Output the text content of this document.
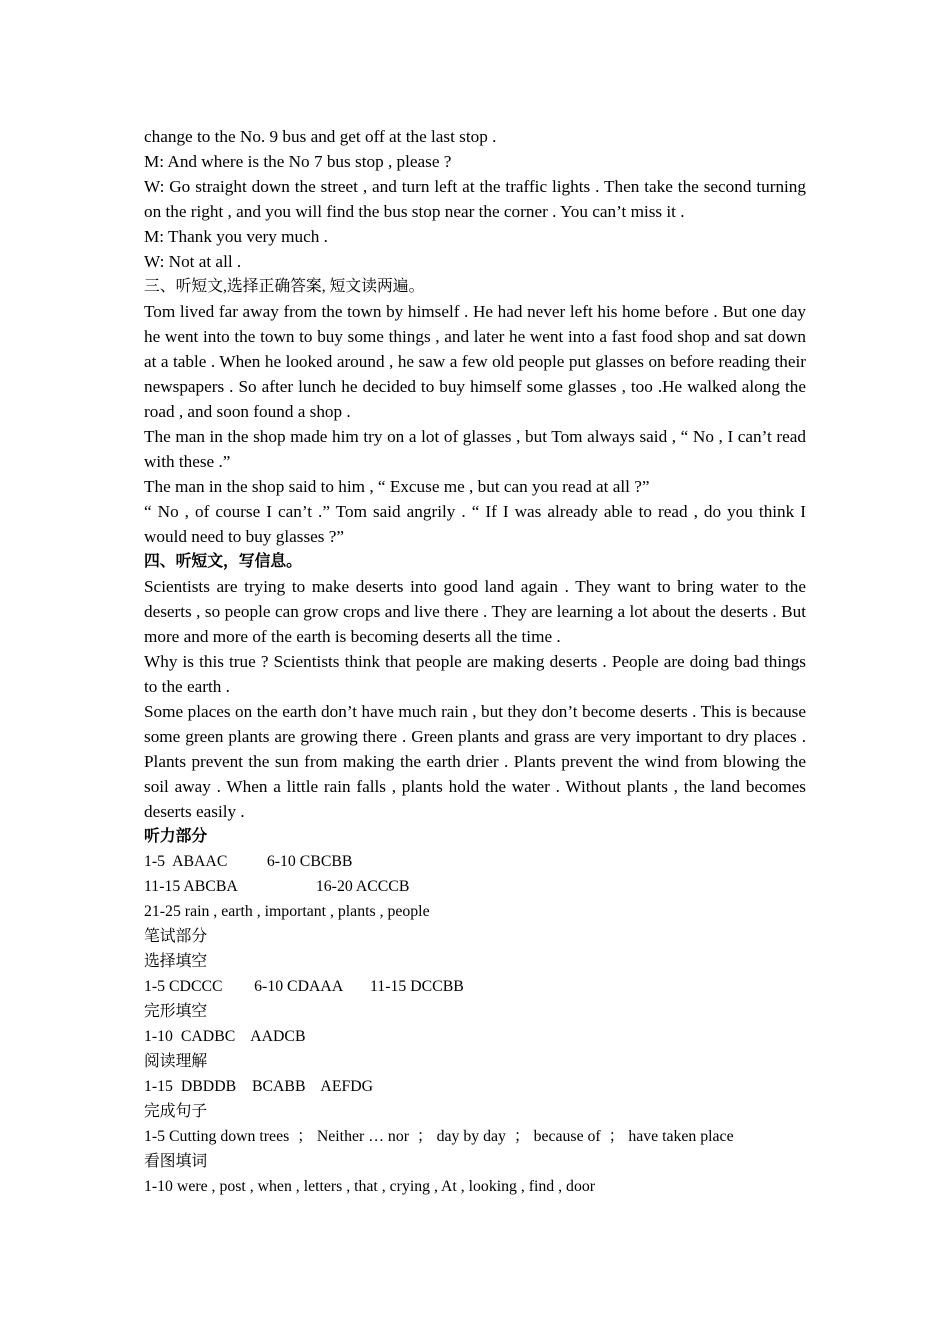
change to the No. 9 bus and get off at the last stop .

M: And where is the No 7 bus stop , please ?

W: Go straight down the street , and turn left at the traffic lights . Then take the second turning on the right , and you will find the bus stop near the corner . You can’t miss it .

M: Thank you very much .

W: Not at all .

三、听短文,选择正确答案, 短文读两遍。

Tom lived far away from the town by himself . He had never left his home before . But one day he went into the town to buy some things , and later he went into a fast food shop and sat down at a table . When he looked around , he saw a few old people put glasses on before reading their newspapers . So after lunch he decided to buy himself some glasses , too .He walked along the road , and soon found a shop .

The man in the shop made him try on a lot of glasses , but Tom always said , “ No , I can’t read with these .”

The man in the shop said to him , “ Excuse me , but can you read at all ?”

“ No , of course I can’t .” Tom said angrily . “ If I was already able to read , do you think I would need to buy glasses ?”

四、听短文，写信息。

Scientists are trying to make deserts into good land again . They want to bring water to the deserts , so people can grow crops and live there . They are learning a lot about the deserts . But more and more of the earth is becoming deserts all the time .

Why is this true ? Scientists think that people are making deserts . People are doing bad things to the earth .

Some places on the earth don’t have much rain , but they don’t become deserts . This is because some green plants are growing there . Green plants and grass are very important to dry places . Plants prevent the sun from making the earth drier . Plants prevent the wind from blowing the soil away . When a little rain falls , plants hold the water . Without plants , the land becomes deserts easily .

听力部分

1-5  ABAAC          6-10 CBCBB

11-15 ABCBA                    16-20 ACCCB

21-25 rain , earth , important , plants , people

笔试部分

选择填空

1-5 CDCCC        6-10 CDAAA       11-15 DCCBB

完形填空

1-10  CADBC    AADCB

阅读理解

1-15  DBDDB    BCABB    AEFDG

完成句子

1-5 Cutting down trees  ； Neither … nor  ； day by day  ； because of  ； have taken place

看图填词

1-10 were , post , when , letters , that , crying , At , looking , find , door
